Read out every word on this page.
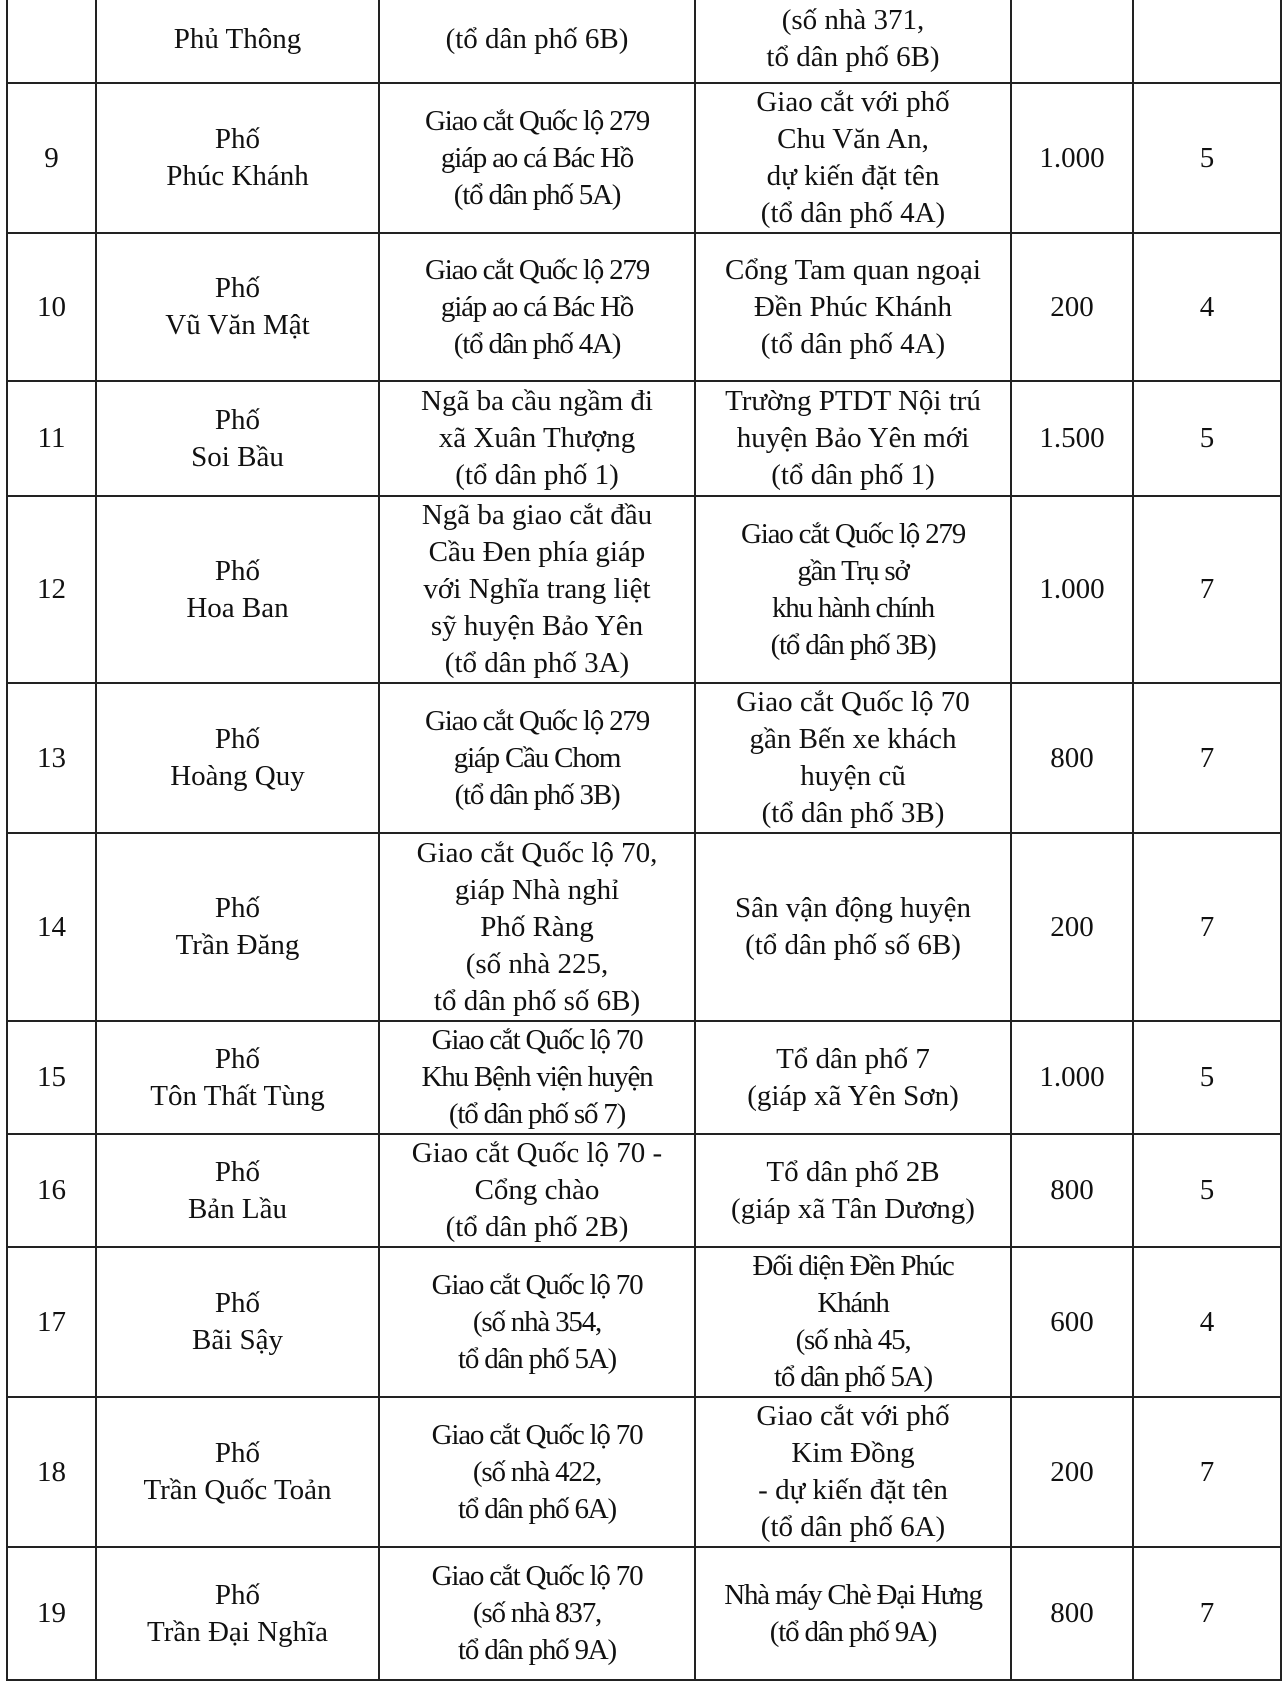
	Phủ Thông	(tổ dân phố 6B)	(số nhà 371,
tổ dân phố 6B)		
9	Phố
Phúc Khánh	Giao cắt Quốc lộ 279
giáp ao cá Bác Hồ
(tổ dân phố 5A)	Giao cắt với phố
Chu Văn An,
dự kiến đặt tên
(tổ dân phố 4A)	1.000	5
10	Phố
Vũ Văn Mật	Giao cắt Quốc lộ 279
giáp ao cá Bác Hồ
(tổ dân phố 4A)	Cổng Tam quan ngoại
Đền Phúc Khánh
(tổ dân phố 4A)	200	4
11	Phố
Soi Bầu	Ngã ba cầu ngầm đi
xã Xuân Thượng
(tổ dân phố 1)	Trường PTDT Nội trú
huyện Bảo Yên mới
(tổ dân phố 1)	1.500	5
12	Phố
Hoa Ban	Ngã ba giao cắt đầu
Cầu Đen phía giáp
với Nghĩa trang liệt
sỹ huyện Bảo Yên
(tổ dân phố 3A)	Giao cắt Quốc lộ 279
gần Trụ sở
khu hành chính
(tổ dân phố 3B)	1.000	7
13	Phố
Hoàng Quy	Giao cắt Quốc lộ 279
giáp Cầu Chom
(tổ dân phố 3B)	Giao cắt Quốc lộ 70
gần Bến xe khách
huyện cũ
(tổ dân phố 3B)	800	7
14	Phố
Trần Đăng	Giao cắt Quốc lộ 70,
giáp Nhà nghỉ
Phố Ràng
(số nhà 225,
tổ dân phố số 6B)	Sân vận động huyện
(tổ dân phố số 6B)	200	7
15	Phố
Tôn Thất Tùng	Giao cắt Quốc lộ 70
Khu Bệnh viện huyện
(tổ dân phố số 7)	Tổ dân phố 7
(giáp xã Yên Sơn)	1.000	5
16	Phố
Bản Lầu	Giao cắt Quốc lộ 70 -
Cổng chào
(tổ dân phố 2B)	Tổ dân phố 2B
(giáp xã Tân Dương)	800	5
17	Phố
Bãi Sậy	Giao cắt Quốc lộ 70
(số nhà 354,
tổ dân phố 5A)	Đối diện Đền Phúc
Khánh
(số nhà 45,
tổ dân phố 5A)	600	4
18	Phố
Trần Quốc Toản	Giao cắt Quốc lộ 70
(số nhà 422,
tổ dân phố 6A)	Giao cắt với phố
Kim Đồng
- dự kiến đặt tên
(tổ dân phố 6A)	200	7
19	Phố
Trần Đại Nghĩa	Giao cắt Quốc lộ 70
(số nhà 837,
tổ dân phố 9A)	Nhà máy Chè Đại Hưng
(tổ dân phố 9A)	800	7
